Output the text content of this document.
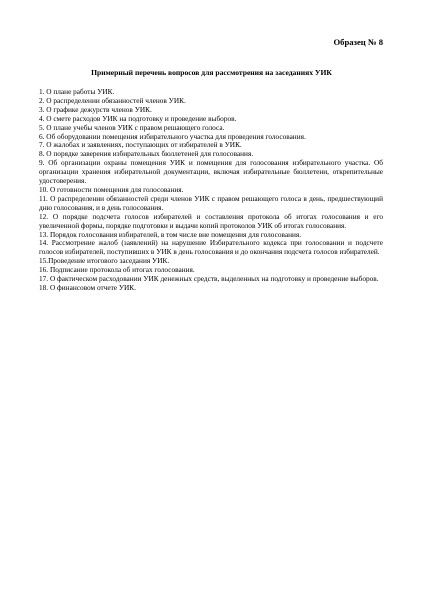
Образец № 8
Примерный перечень вопросов для рассмотрения на заседаниях УИК
1. О плане работы УИК.
2. О распределении обязанностей членов УИК.
3. О графике дежурств членов УИК.
4. О смете расходов УИК на подготовку и проведение выборов.
5. О плане учебы членов УИК с правом решающего голоса.
6. Об оборудовании помещения избирательного участка для проведения голосования.
7. О жалобах и заявлениях, поступающих от избирателей в УИК.
8. О порядке заверения избирательных бюллетеней для голосования.
9. Об организации охраны помещения УИК и помещения для голосования избирательного участка. Об организации хранения избирательной документации, включая избирательные бюллетени, открепительные удостоверения.
10. О готовности помещения для голосования.
11. О распределении обязанностей среди членов УИК с правом решающего голоса в день, предшествующий дню голосования, и в день голосования.
12. О порядке подсчета голосов избирателей и составления протокола об итогах голосования и его увеличенной формы, порядке подготовки и выдачи копий протоколов УИК об итогах голосования.
13. Порядок голосования избирателей, в том числе вне помещения для голосования.
14. Рассмотрение жалоб (заявлений) на нарушение Избирательного кодекса при голосовании и подсчете голосов избирателей, поступивших в УИК в день голосования и до окончания подсчета голосов избирателей.
15.Проведение итогового заседания УИК.
16. Подписание протокола об итогах голосования.
17. О фактическом расходовании УИК денежных средств, выделенных на подготовку и проведение выборов.
18. О финансовом отчете УИК.
